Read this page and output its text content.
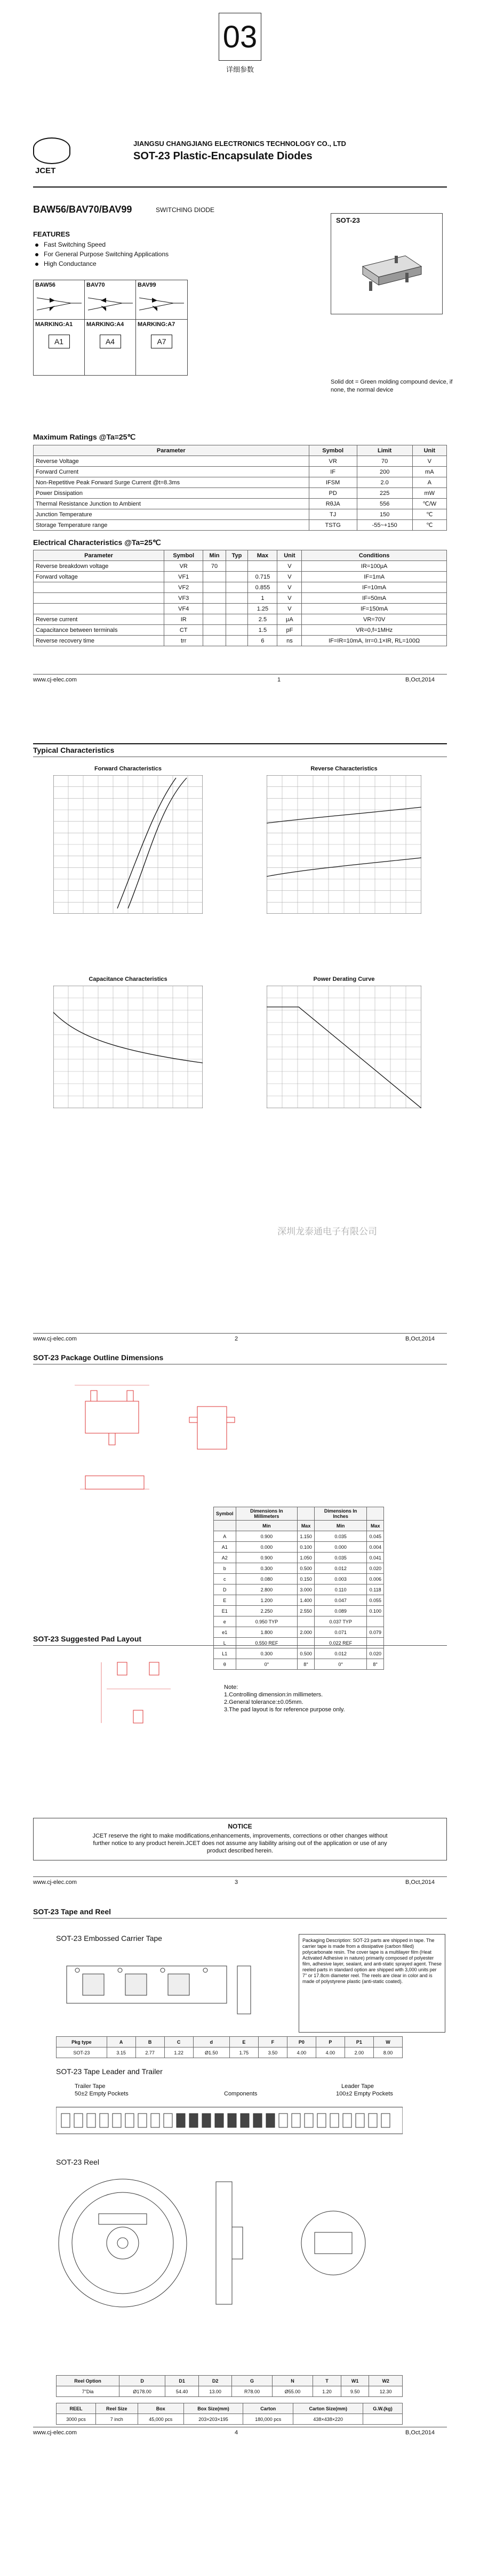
03
详细参数
JCET
JIANGSU CHANGJIANG ELECTRONICS TECHNOLOGY CO., LTD
SOT-23 Plastic-Encapsulate Diodes
BAW56/BAV70/BAV99	SWITCHING DIODE
FEATURES
Fast Switching Speed
For General Purpose Switching Applications
High Conductance
SOT-23
BAW56
MARKING:A1
A1
BAV70
MARKING:A4
A4
BAV99
MARKING:A7
A7
Solid dot = Green molding compound device, if none, the normal device
Maximum Ratings @Ta=25℃
Parameter	Symbol	Limit	Unit
Reverse Voltage	VR	70	V
Forward Current	IF	200	mA
Non-Repetitive Peak Forward Surge Current @t=8.3ms	IFSM	2.0	A
Power Dissipation	PD	225	mW
Thermal Resistance Junction to Ambient	RθJA	556	℃/W
Junction Temperature	TJ	150	℃
Storage Temperature range	TSTG	-55~+150	℃
Electrical Characteristics @Ta=25℃
Parameter	Symbol	Min	Typ	Max	Unit	Conditions
Reverse breakdown voltage	VR	70			V	IR=100μA
Forward voltage	VF1			0.715	V	IF=1mA
	VF2			0.855	V	IF=10mA
	VF3			1	V	IF=50mA
	VF4			1.25	V	IF=150mA
Reverse current	IR			2.5	μA	VR=70V
Capacitance between terminals	CT			1.5	pF	VR=0,f=1MHz
Reverse recovery time	trr			6	ns	IF=IR=10mA, Irr=0.1×IR, RL=100Ω
www.cj-elec.com	1	B,Oct,2014
Typical Characteristics
Forward Characteristics	Reverse Characteristics
Capacitance Characteristics	Power Derating Curve
深圳龙泰通电子有限公司
www.cj-elec.com	2	B,Oct,2014
SOT-23 Package Outline Dimensions
Symbol	Dimensions In Millimeters		Dimensions In Inches	
	Min	Max	Min	Max
A	0.900	1.150	0.035	0.045
A1	0.000	0.100	0.000	0.004
A2	0.900	1.050	0.035	0.041
b	0.300	0.500	0.012	0.020
c	0.080	0.150	0.003	0.006
D	2.800	3.000	0.110	0.118
E	1.200	1.400	0.047	0.055
E1	2.250	2.550	0.089	0.100
e	0.950 TYP		0.037 TYP	
e1	1.800	2.000	0.071	0.079
L	0.550 REF		0.022 REF	
L1	0.300	0.500	0.012	0.020
θ	0°	8°	0°	8°
SOT-23 Suggested Pad Layout
Note:
1.Controlling dimension:in millimeters.
2.General tolerance:±0.05mm.
3.The pad layout is for reference purpose only.
NOTICE
JCET reserve the right to make modifications,enhancements, improvements, corrections or other changes without further notice to any product herein.JCET does not assume any liability arising out of the application or use of any product described herein.
www.cj-elec.com	3	B,Oct,2014
SOT-23 Tape and Reel
SOT-23 Embossed Carrier Tape	Packaging Description: SOT-23 parts are shipped in tape. The carrier tape is made from a dissipative (carbon filled) polycarbonate resin. The cover tape is a multilayer film (Heat Activated Adhesive in nature) primarily composed of polyester film, adhesive layer, sealant, and anti-static sprayed agent. These reeled parts in standard option are shipped with 3,000 units per 7" or 17.8cm diameter reel. The reels are clear in color and is made of polystyrene plastic (anti-static coated).
Pkg type	A	B	C	d	E	F	P0	P	P1	W
SOT-23	3.15	2.77	1.22	Ø1.50	1.75	3.50	4.00	4.00	2.00	8.00
SOT-23 Tape Leader and Trailer
Trailer Tape
50±2 Empty Pockets	Components
Leader Tape
100±2 Empty Pockets
SOT-23 Reel
Reel Option	D	D1	D2	G	N	T	W1	W2
7"Dia	Ø178.00	54.40	13.00	R78.00	Ø55.00	1.20	9.50	12.30
REEL	Reel Size	Box	Box Size(mm)	Carton	Carton Size(mm)	G.W.(kg)
3000 pcs	7 inch	45,000 pcs	203×203×195	180,000 pcs	438×438×220	
www.cj-elec.com	4	B,Oct,2014
